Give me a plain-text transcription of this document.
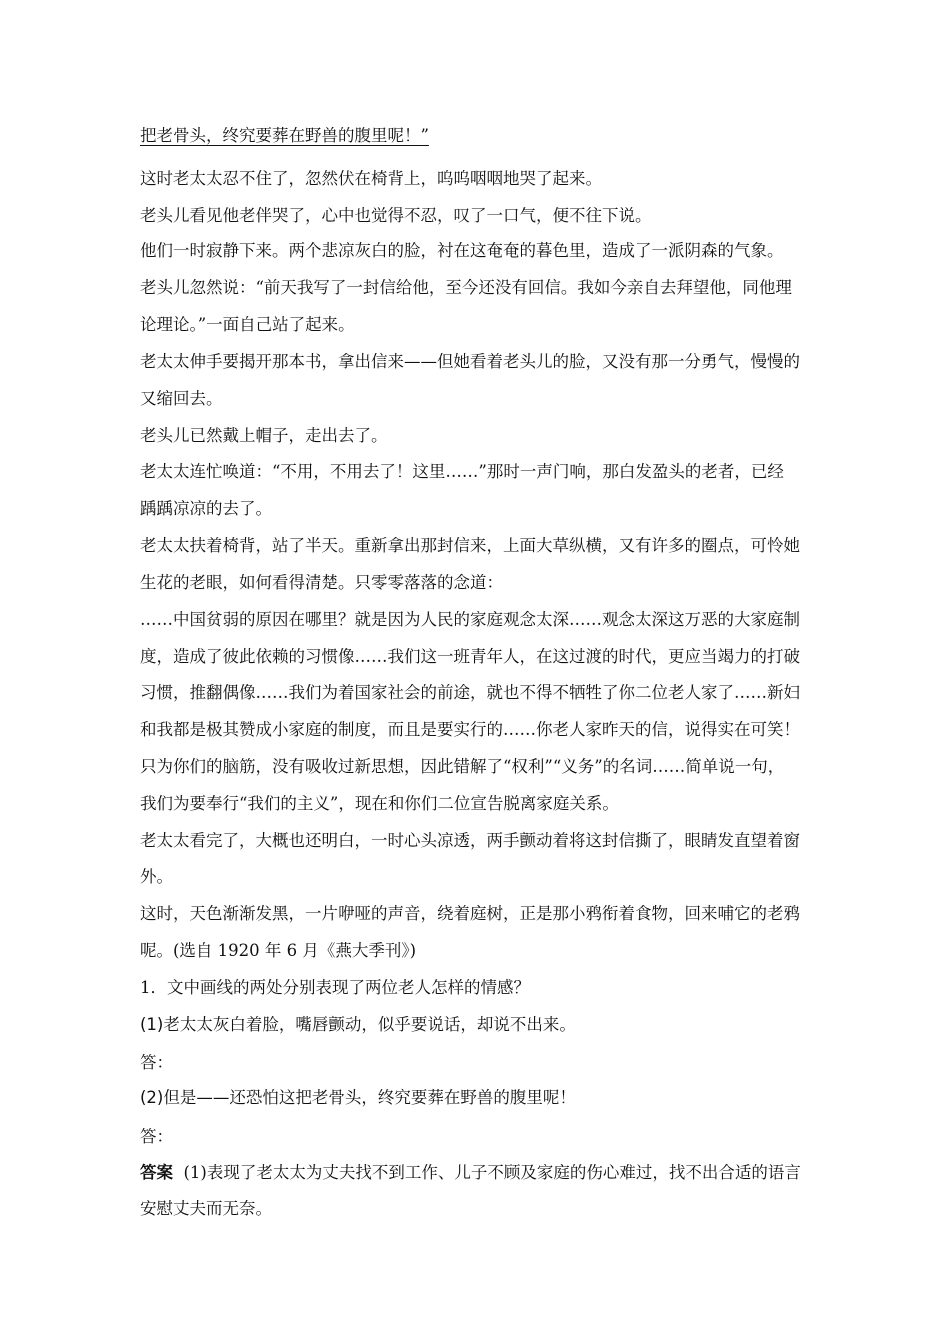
把老骨头，终究要葬在野兽的腹里呢！”
这时老太太忍不住了，忽然伏在椅背上，呜呜咽咽地哭了起来。
老头儿看见他老伴哭了，心中也觉得不忍，叹了一口气，便不往下说。
他们一时寂静下来。两个悲凉灰白的脸，衬在这奄奄的暮色里，造成了一派阴森的气象。
老头儿忽然说：“前天我写了一封信给他，至今还没有回信。我如今亲自去拜望他，同他理
论理论。”一面自己站了起来。
老太太伸手要揭开那本书，拿出信来——但她看着老头儿的脸，又没有那一分勇气，慢慢的
又缩回去。
老头儿已然戴上帽子，走出去了。
老太太连忙唤道：“不用，不用去了！这里……”那时一声门响，那白发盈头的老者，已经
踽踽凉凉的去了。
老太太扶着椅背，站了半天。重新拿出那封信来，上面大草纵横，又有许多的圈点，可怜她
生花的老眼，如何看得清楚。只零零落落的念道：
……中国贫弱的原因在哪里？就是因为人民的家庭观念太深……观念太深这万恶的大家庭制
度，造成了彼此依赖的习惯像……我们这一班青年人，在这过渡的时代，更应当竭力的打破
习惯，推翻偶像……我们为着国家社会的前途，就也不得不牺牲了你二位老人家了……新妇
和我都是极其赞成小家庭的制度，而且是要实行的……你老人家昨天的信，说得实在可笑！
只为你们的脑筋，没有吸收过新思想，因此错解了“权利”“义务”的名词……简单说一句，
我们为要奉行“我们的主义”，现在和你们二位宣告脱离家庭关系。
老太太看完了，大概也还明白，一时心头凉透，两手颤动着将这封信撕了，眼睛发直望着窗
外。
这时，天色渐渐发黑，一片咿哑的声音，绕着庭树，正是那小鸦衔着食物，回来哺它的老鸦
呢。(选自 1920 年 6 月《燕大季刊》)
1．文中画线的两处分别表现了两位老人怎样的情感？
(1)老太太灰白着脸，嘴唇颤动，似乎要说话，却说不出来。
答：
(2)但是——还恐怕这把老骨头，终究要葬在野兽的腹里呢！
答：
答案 (1)表现了老太太为丈夫找不到工作、儿子不顾及家庭的伤心难过，找不出合适的语言
安慰丈夫而无奈。
